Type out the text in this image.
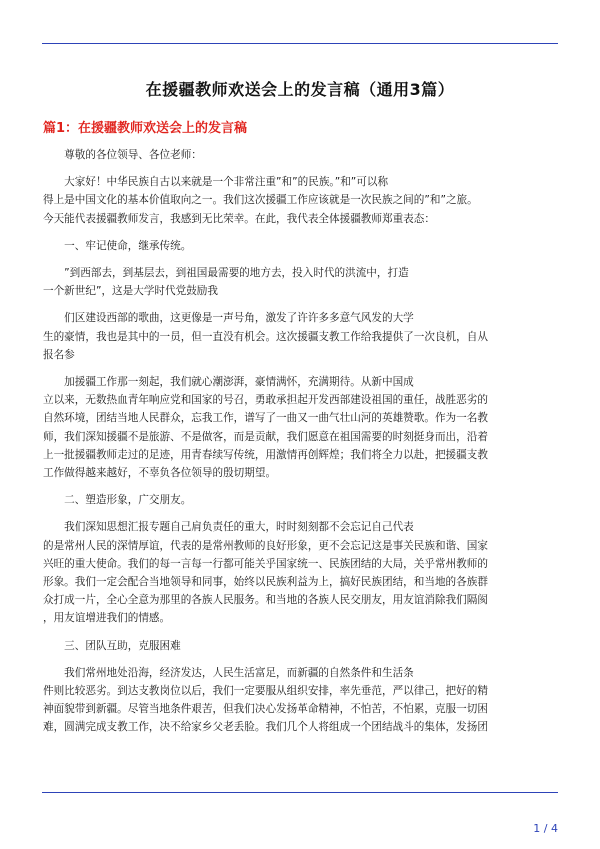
在援疆教师欢送会上的发言稿（通用3篇）
篇1：在援疆教师欢送会上的发言稿
　　尊敬的各位领导、各位老师：
　　大家好！中华民族自古以来就是一个非常注重”和”的民族。”和”可以称
得上是中国文化的基本价值取向之一。我们这次援疆工作应该就是一次民族之间的”和”之旅。
今天能代表援疆教师发言，我感到无比荣幸。在此，我代表全体援疆教师郑重表态：
　　一、牢记使命，继承传统。
　　”到西部去，到基层去，到祖国最需要的地方去，投入时代的洪流中，打造
一个新世纪”，这是大学时代党鼓励我
　　们区建设西部的歌曲，这更像是一声号角，激发了许许多多意气风发的大学
生的豪情，我也是其中的一员，但一直没有机会。这次援疆支教工作给我提供了一次良机，自从
报名参
　　加援疆工作那一刻起，我们就心潮澎湃，豪情满怀，充满期待。从新中国成
立以来，无数热血青年响应党和国家的号召，勇敢承担起开发西部建设祖国的重任，战胜恶劣的
自然环境，团结当地人民群众，忘我工作，谱写了一曲又一曲气壮山河的英雄赞歌。作为一名教
师，我们深知援疆不是旅游、不是做客，而是贡献，我们愿意在祖国需要的时刻挺身而出，沿着
上一批援疆教师走过的足迹，用青春续写传统，用激情再创辉煌；我们将全力以赴，把援疆支教
工作做得越来越好，不辜负各位领导的殷切期望。
　　二、塑造形象，广交朋友。
　　我们深知思想汇报专题自己肩负责任的重大，时时刻刻都不会忘记自己代表
的是常州人民的深情厚谊，代表的是常州教师的良好形象，更不会忘记这是事关民族和谐、国家
兴旺的重大使命。我们的每一言每一行都可能关乎国家统一、民族团结的大局，关乎常州教师的
形象。我们一定会配合当地领导和同事，始终以民族利益为上，搞好民族团结，和当地的各族群
众打成一片，全心全意为那里的各族人民服务。和当地的各族人民交朋友，用友谊消除我们隔阂
，用友谊增进我们的情感。
　　三、团队互助，克服困难
　　我们常州地处沿海，经济发达，人民生活富足，而新疆的自然条件和生活条
件则比较恶劣。到达支教岗位以后，我们一定要服从组织安排，率先垂范，严以律己，把好的精
神面貌带到新疆。尽管当地条件艰苦，但我们决心发扬革命精神，不怕苦，不怕累，克服一切困
难，圆满完成支教工作，决不给家乡父老丢脸。我们几个人将组成一个团结战斗的集体，发扬团
1 / 4
